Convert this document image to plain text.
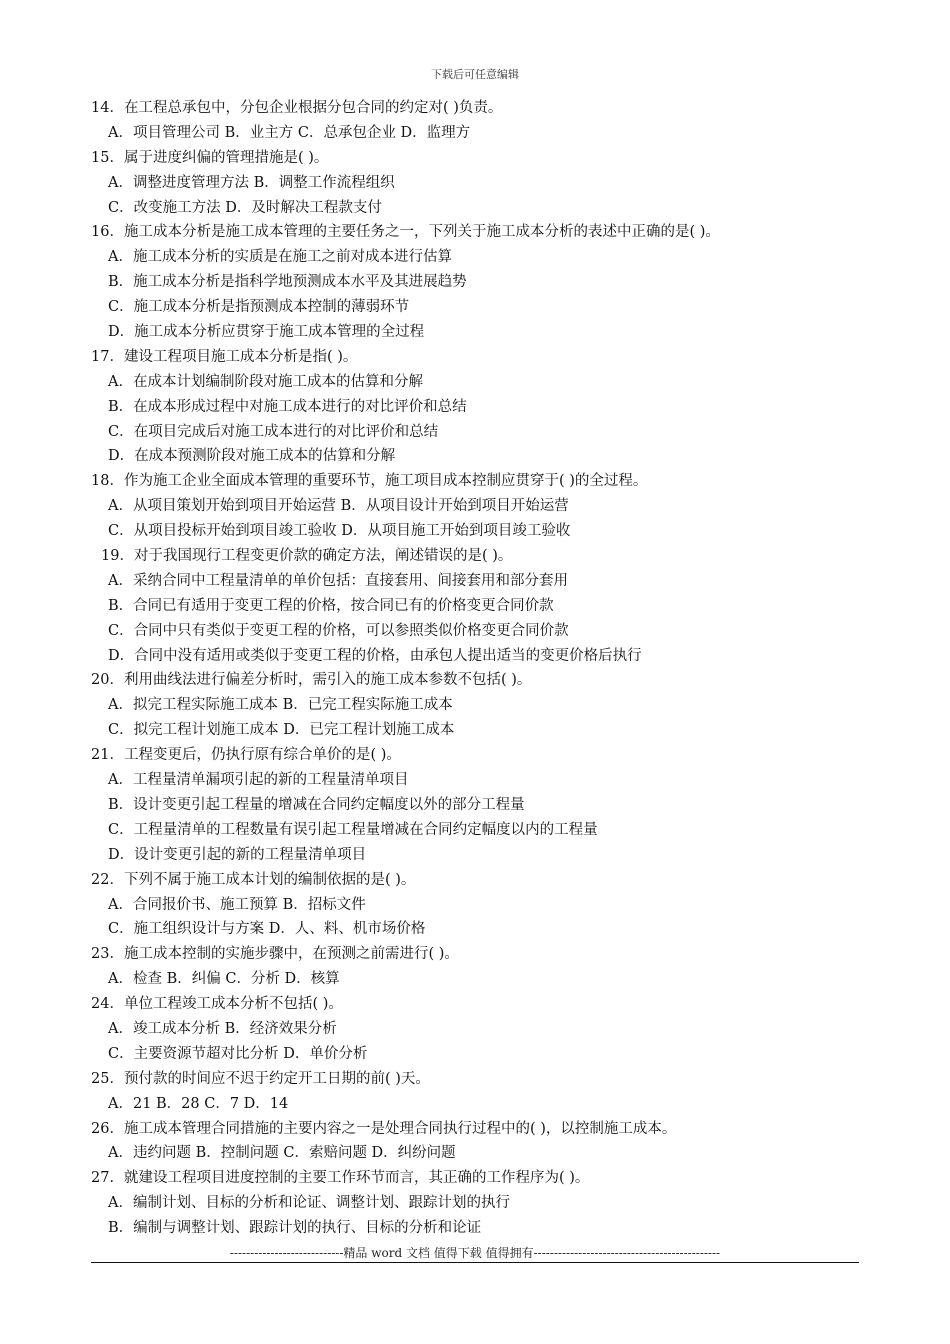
下载后可任意编辑
14．在工程总承包中，分包企业根据分包合同的约定对( )负责。
A．项目管理公司 B．业主方 C．总承包企业 D．监理方
15．属于进度纠偏的管理措施是( )。
A．调整进度管理方法 B．调整工作流程组织
C．改变施工方法 D．及时解决工程款支付
16．施工成本分析是施工成本管理的主要任务之一，下列关于施工成本分析的表述中正确的是( )。
A．施工成本分析的实质是在施工之前对成本进行估算
B．施工成本分析是指科学地预测成本水平及其进展趋势
C．施工成本分析是指预测成本控制的薄弱环节
D．施工成本分析应贯穿于施工成本管理的全过程
17．建设工程项目施工成本分析是指( )。
A．在成本计划编制阶段对施工成本的估算和分解
B．在成本形成过程中对施工成本进行的对比评价和总结
C．在项目完成后对施工成本进行的对比评价和总结
D．在成本预测阶段对施工成本的估算和分解
18．作为施工企业全面成本管理的重要环节，施工项目成本控制应贯穿于( )的全过程。
A．从项目策划开始到项目开始运营 B．从项目设计开始到项目开始运营
C．从项目投标开始到项目竣工验收 D．从项目施工开始到项目竣工验收
19．对于我国现行工程变更价款的确定方法，阐述错误的是( )。
A．采纳合同中工程量清单的单价包括：直接套用、间接套用和部分套用
B．合同已有适用于变更工程的价格，按合同已有的价格变更合同价款
C．合同中只有类似于变更工程的价格，可以参照类似价格变更合同价款
D．合同中没有适用或类似于变更工程的价格，由承包人提出适当的变更价格后执行
20．利用曲线法进行偏差分析时，需引入的施工成本参数不包括( )。
A．拟完工程实际施工成本 B．已完工程实际施工成本
C．拟完工程计划施工成本 D．已完工程计划施工成本
21．工程变更后，仍执行原有综合单价的是( )。
A．工程量清单漏项引起的新的工程量清单项目
B．设计变更引起工程量的增减在合同约定幅度以外的部分工程量
C．工程量清单的工程数量有误引起工程量增减在合同约定幅度以内的工程量
D．设计变更引起的新的工程量清单项目
22．下列不属于施工成本计划的编制依据的是( )。
A．合同报价书、施工预算 B．招标文件
C．施工组织设计与方案 D．人、料、机市场价格
23．施工成本控制的实施步骤中，在预测之前需进行( )。
A．检查 B．纠偏 C．分析 D．核算
24．单位工程竣工成本分析不包括( )。
A．竣工成本分析 B．经济效果分析
C．主要资源节超对比分析 D．单价分析
25．预付款的时间应不迟于约定开工日期的前( )天。
A．21 B．28 C．7 D．14
26．施工成本管理合同措施的主要内容之一是处理合同执行过程中的( )，以控制施工成本。
A．违约问题 B．控制问题 C．索赔问题 D．纠纷问题
27．就建设工程项目进度控制的主要工作环节而言，其正确的工作程序为( )。
A．编制计划、目标的分析和论证、调整计划、跟踪计划的执行
B．编制与调整计划、跟踪计划的执行、目标的分析和论证
----------------------------精品 word 文档 值得下载 值得拥有----------------------------------------------
